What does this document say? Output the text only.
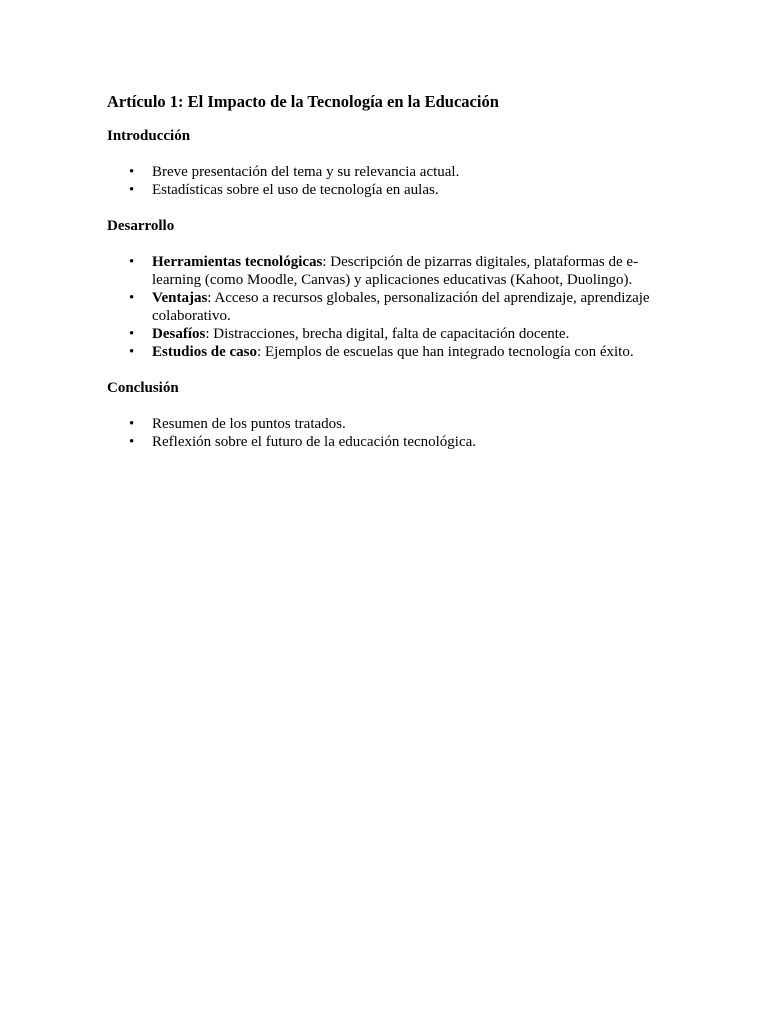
Artículo 1: El Impacto de la Tecnología en la Educación
Introducción
• Breve presentación del tema y su relevancia actual.
• Estadísticas sobre el uso de tecnología en aulas.
Desarrollo
• Herramientas tecnológicas: Descripción de pizarras digitales, plataformas de e-learning (como Moodle, Canvas) y aplicaciones educativas (Kahoot, Duolingo).
• Ventajas: Acceso a recursos globales, personalización del aprendizaje, aprendizaje colaborativo.
• Desafíos: Distracciones, brecha digital, falta de capacitación docente.
• Estudios de caso: Ejemplos de escuelas que han integrado tecnología con éxito.
Conclusión
• Resumen de los puntos tratados.
• Reflexión sobre el futuro de la educación tecnológica.
